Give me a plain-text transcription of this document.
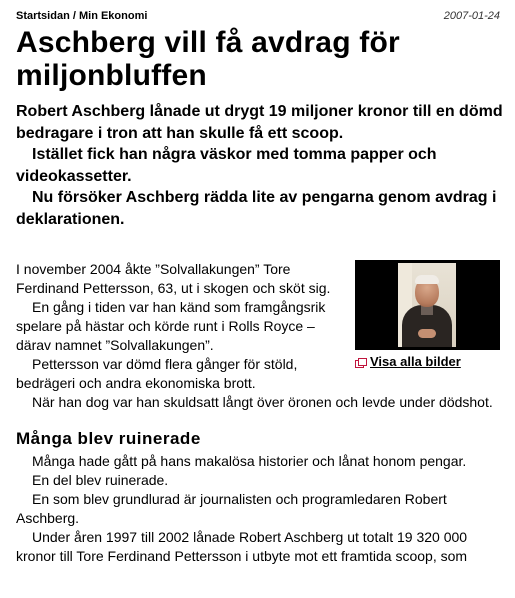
Startsidan / Min Ekonomi	2007-01-24
Aschberg vill få avdrag för miljonbluffen

Robert Aschberg lånade ut drygt 19 miljoner kronor till en dömd bedragare i tron att han skulle få ett scoop.

Istället fick han några väskor med tomma papper och videokassetter.

Nu försöker Aschberg rädda lite av pengarna genom avdrag i deklarationen.

Visa alla bilder

I november 2004 åkte ”Solvallakungen” Tore Ferdinand Pettersson, 63, ut i skogen och sköt sig.

En gång i tiden var han känd som framgångsrik spelare på hästar och körde runt i Rolls Royce – därav namnet ”Solvallakungen”.

Pettersson var dömd flera gånger för stöld, bedrägeri och andra ekonomiska brott.

När han dog var han skuldsatt långt över öronen och levde under dödshot.

Många blev ruinerade

Många hade gått på hans makalösa historier och lånat honom pengar.

En del blev ruinerade.

En som blev grundlurad är journalisten och programledaren Robert Aschberg.

Under åren 1997 till 2002 lånade Robert Aschberg ut totalt 19 320 000 kronor till Tore Ferdinand Pettersson i utbyte mot ett framtida scoop, som
